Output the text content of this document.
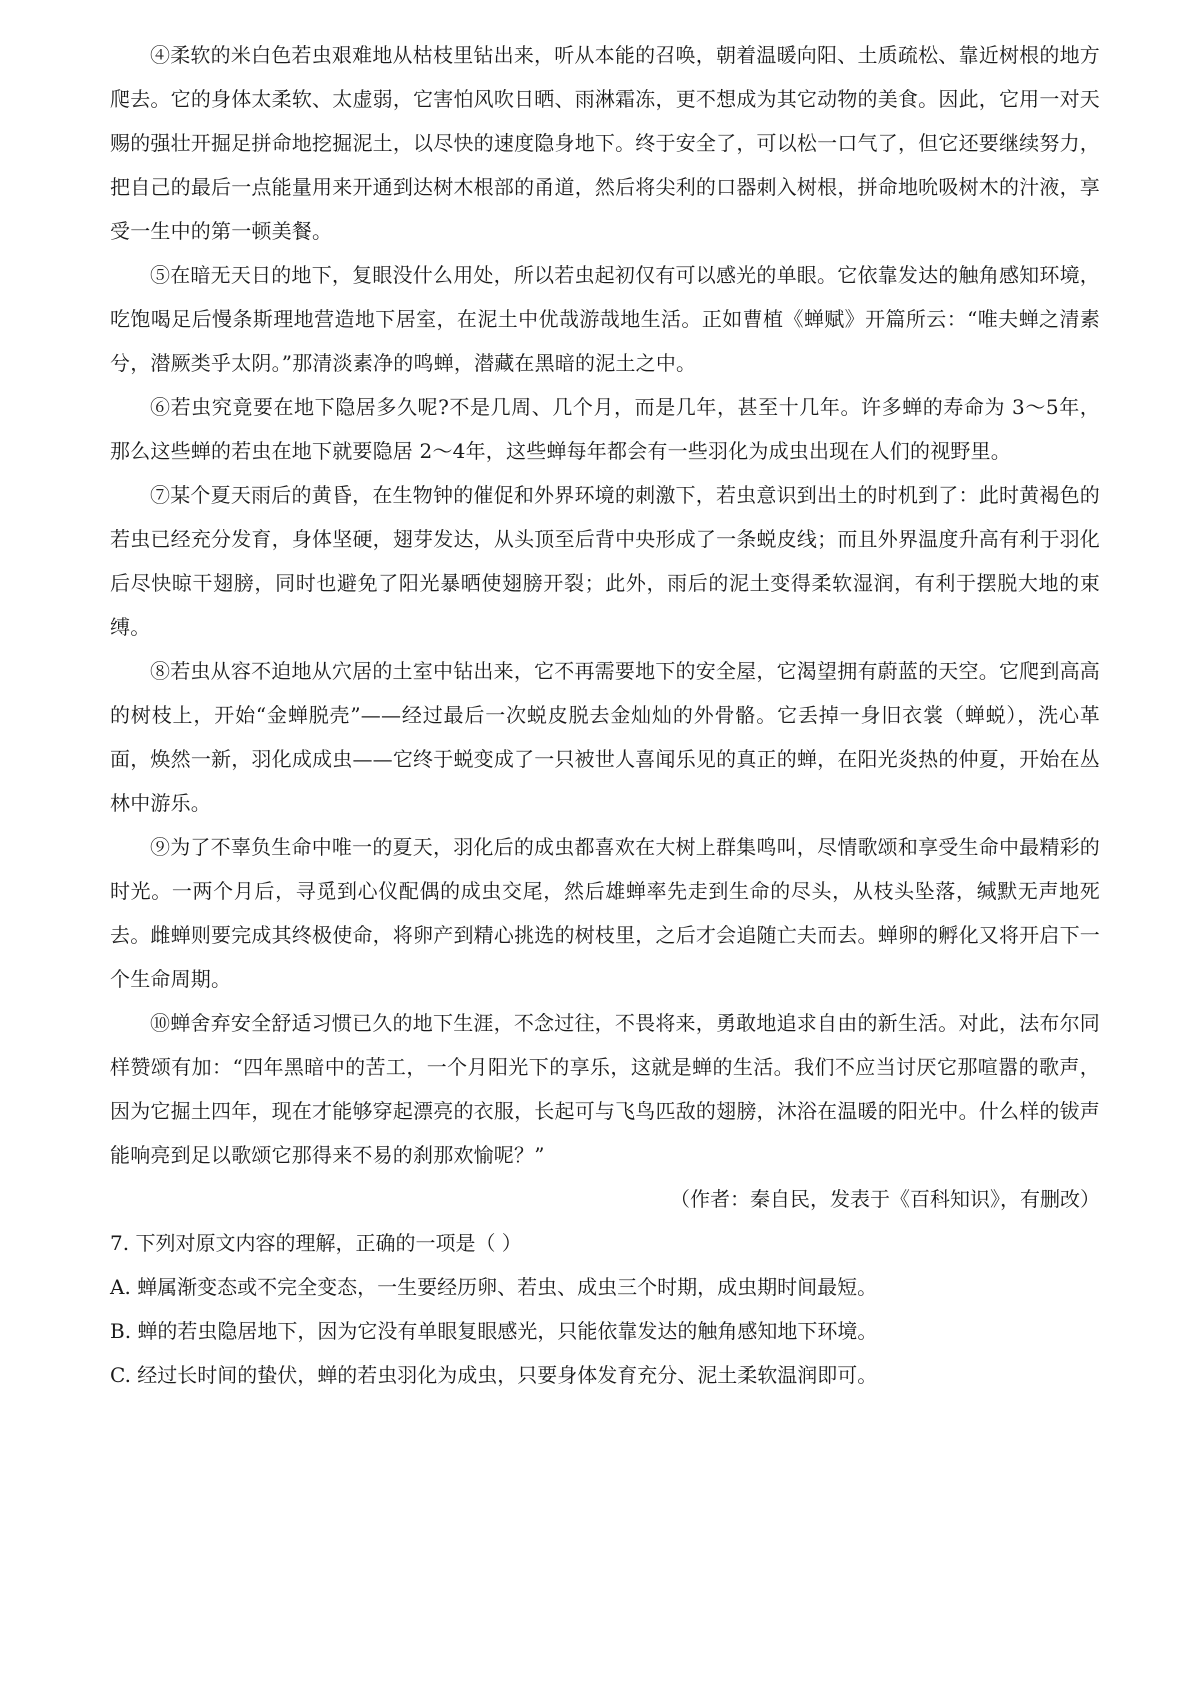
④柔软的米白色若虫艰难地从枯枝里钻出来，听从本能的召唤，朝着温暖向阳、土质疏松、靠近树根的地方爬去。它的身体太柔软、太虚弱，它害怕风吹日晒、雨淋霜冻，更不想成为其它动物的美食。因此，它用一对天赐的强壮开掘足拼命地挖掘泥土，以尽快的速度隐身地下。终于安全了，可以松一口气了，但它还要继续努力，把自己的最后一点能量用来开通到达树木根部的甬道，然后将尖利的口器刺入树根，拼命地吮吸树木的汁液，享受一生中的第一顿美餐。

⑤在暗无天日的地下，复眼没什么用处，所以若虫起初仅有可以感光的单眼。它依靠发达的触角感知环境，吃饱喝足后慢条斯理地营造地下居室，在泥土中优哉游哉地生活。正如曹植《蝉赋》开篇所云：“唯夫蝉之清素兮，潜厥类乎太阴。”那清淡素净的鸣蝉，潜藏在黑暗的泥土之中。

⑥若虫究竟要在地下隐居多久呢?不是几周、几个月，而是几年，甚至十几年。许多蝉的寿命为 3～5年，那么这些蝉的若虫在地下就要隐居 2～4年，这些蝉每年都会有一些羽化为成虫出现在人们的视野里。

⑦某个夏天雨后的黄昏，在生物钟的催促和外界环境的刺激下，若虫意识到出土的时机到了：此时黄褐色的若虫已经充分发育，身体坚硬，翅芽发达，从头顶至后背中央形成了一条蜕皮线；而且外界温度升高有利于羽化后尽快晾干翅膀，同时也避免了阳光暴晒使翅膀开裂；此外，雨后的泥土变得柔软湿润，有利于摆脱大地的束缚。

⑧若虫从容不迫地从穴居的土室中钻出来，它不再需要地下的安全屋，它渴望拥有蔚蓝的天空。它爬到高高的树枝上，开始“金蝉脱壳”——经过最后一次蜕皮脱去金灿灿的外骨骼。它丢掉一身旧衣裳（蝉蜕），洗心革面，焕然一新，羽化成成虫——它终于蜕变成了一只被世人喜闻乐见的真正的蝉，在阳光炎热的仲夏，开始在丛林中游乐。

⑨为了不辜负生命中唯一的夏天，羽化后的成虫都喜欢在大树上群集鸣叫，尽情歌颂和享受生命中最精彩的时光。一两个月后，寻觅到心仪配偶的成虫交尾，然后雄蝉率先走到生命的尽头，从枝头坠落，缄默无声地死去。雌蝉则要完成其终极使命，将卵产到精心挑选的树枝里，之后才会追随亡夫而去。蝉卵的孵化又将开启下一个生命周期。

⑩蝉舍弃安全舒适习惯已久的地下生涯，不念过往，不畏将来，勇敢地追求自由的新生活。对此，法布尔同样赞颂有加：“四年黑暗中的苦工，一个月阳光下的享乐，这就是蝉的生活。我们不应当讨厌它那喧嚣的歌声，因为它掘土四年，现在才能够穿起漂亮的衣服，长起可与飞鸟匹敌的翅膀，沐浴在温暖的阳光中。什么样的钹声能响亮到足以歌颂它那得来不易的刹那欢愉呢？”

（作者：秦自民，发表于《百科知识》，有删改）

7. 下列对原文内容的理解，正确的一项是（ ）

A. 蝉属渐变态或不完全变态，一生要经历卵、若虫、成虫三个时期，成虫期时间最短。

B. 蝉的若虫隐居地下，因为它没有单眼复眼感光，只能依靠发达的触角感知地下环境。

C. 经过长时间的蛰伏，蝉的若虫羽化为成虫，只要身体发育充分、泥土柔软温润即可。
